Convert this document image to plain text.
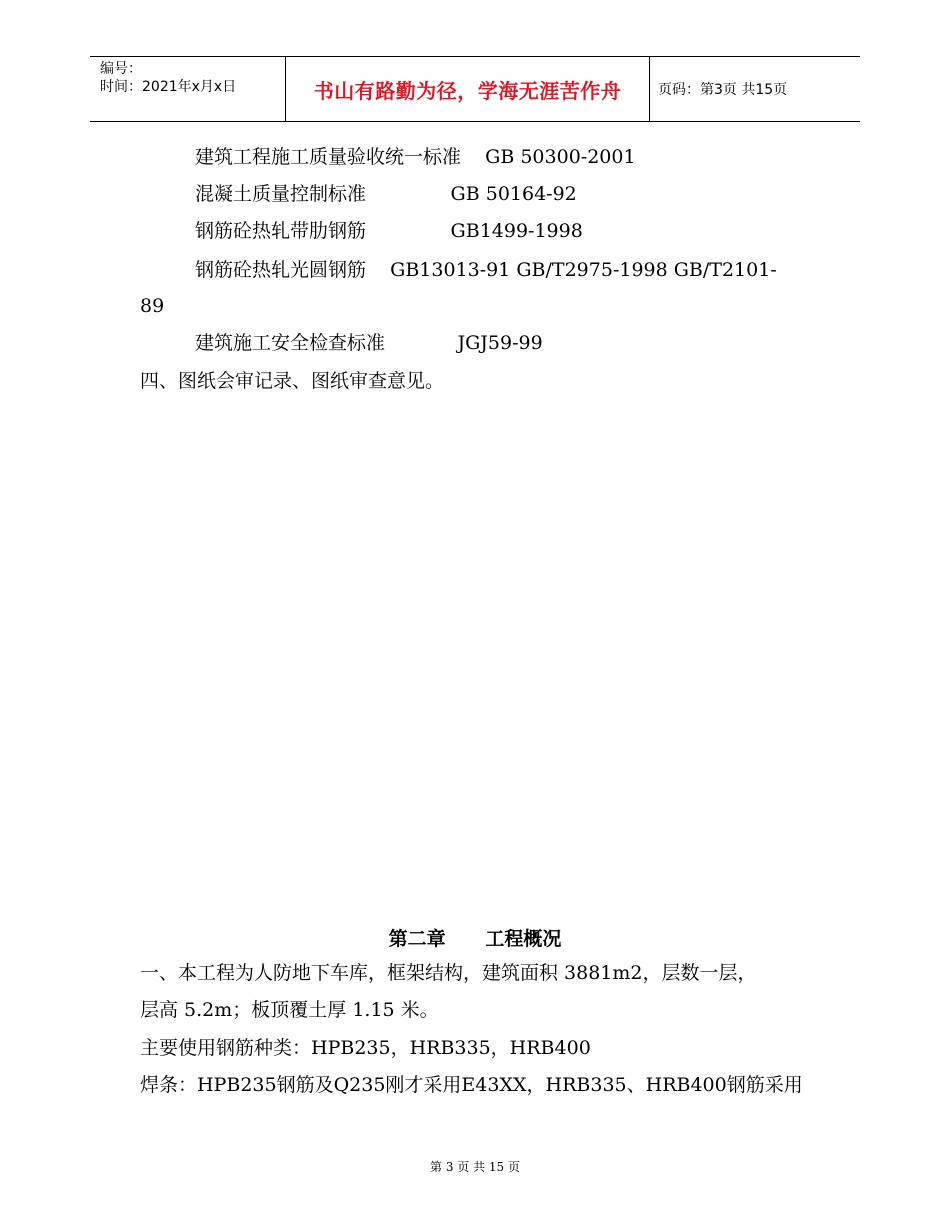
编号：
时间：2021年x月x日	书山有路勤为径，学海无涯苦作舟	页码：第3页 共15页
建筑工程施工质量验收统一标准    GB 50300-2001
混凝土质量控制标准              GB 50164-92
钢筋砼热轧带肋钢筋              GB1499-1998
钢筋砼热轧光圆钢筋    GB13013-91 GB/T2975-1998 GB/T2101-
89
建筑施工安全检查标准            JGJ59-99
四、图纸会审记录、图纸审查意见。
第二章      工程概况
一、本工程为人防地下车库，框架结构，建筑面积 3881m2，层数一层，
层高 5.2m；板顶覆土厚 1.15 米。
主要使用钢筋种类：HPB235，HRB335，HRB400
焊条：HPB235钢筋及Q235刚才采用E43XX，HRB335、HRB400钢筋采用
第 3 页 共 15 页
